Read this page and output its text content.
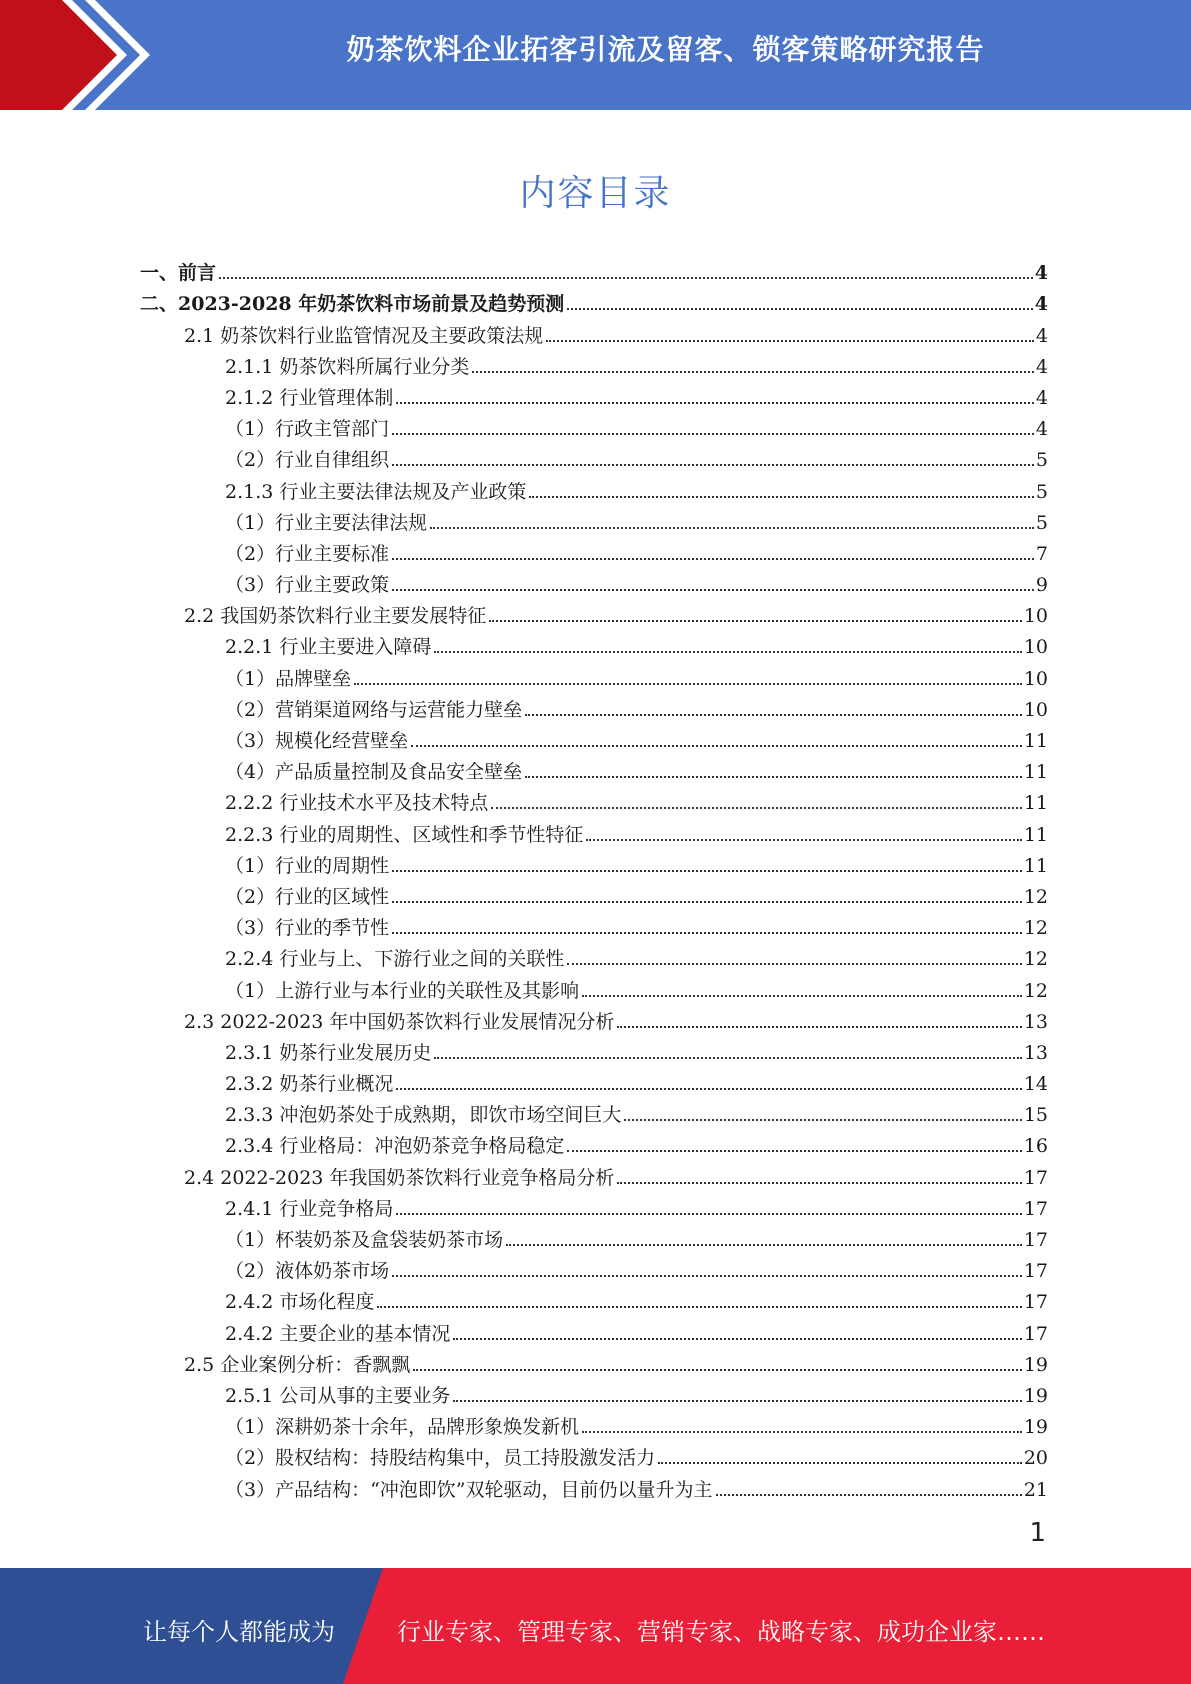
奶茶饮料企业拓客引流及留客、锁客策略研究报告
内容目录
一、前言	4
二、2023-2028 年奶茶饮料市场前景及趋势预测	4
2.1 奶茶饮料行业监管情况及主要政策法规	4
2.1.1 奶茶饮料所属行业分类	4
2.1.2 行业管理体制	4
（1）行政主管部门	4
（2）行业自律组织	5
2.1.3 行业主要法律法规及产业政策	5
（1）行业主要法律法规	5
（2）行业主要标准	7
（3）行业主要政策	9
2.2 我国奶茶饮料行业主要发展特征	10
2.2.1 行业主要进入障碍	10
（1）品牌壁垒	10
（2）营销渠道网络与运营能力壁垒	10
（3）规模化经营壁垒	11
（4）产品质量控制及食品安全壁垒	11
2.2.2 行业技术水平及技术特点	11
2.2.3 行业的周期性、区域性和季节性特征	11
（1）行业的周期性	11
（2）行业的区域性	12
（3）行业的季节性	12
2.2.4 行业与上、下游行业之间的关联性	12
（1）上游行业与本行业的关联性及其影响	12
2.3 2022-2023 年中国奶茶饮料行业发展情况分析	13
2.3.1 奶茶行业发展历史	13
2.3.2 奶茶行业概况	14
2.3.3 冲泡奶茶处于成熟期，即饮市场空间巨大	15
2.3.4 行业格局：冲泡奶茶竞争格局稳定	16
2.4 2022-2023 年我国奶茶饮料行业竞争格局分析	17
2.4.1 行业竞争格局	17
（1）杯装奶茶及盒袋装奶茶市场	17
（2）液体奶茶市场	17
2.4.2 市场化程度	17
2.4.2 主要企业的基本情况	17
2.5 企业案例分析：香飘飘	19
2.5.1 公司从事的主要业务	19
（1）深耕奶茶十余年，品牌形象焕发新机	19
（2）股权结构：持股结构集中，员工持股激发活力	20
（3）产品结构：“冲泡即饮”双轮驱动，目前仍以量升为主	21
1
让每个人都能成为	行业专家、管理专家、营销专家、战略专家、成功企业家……
